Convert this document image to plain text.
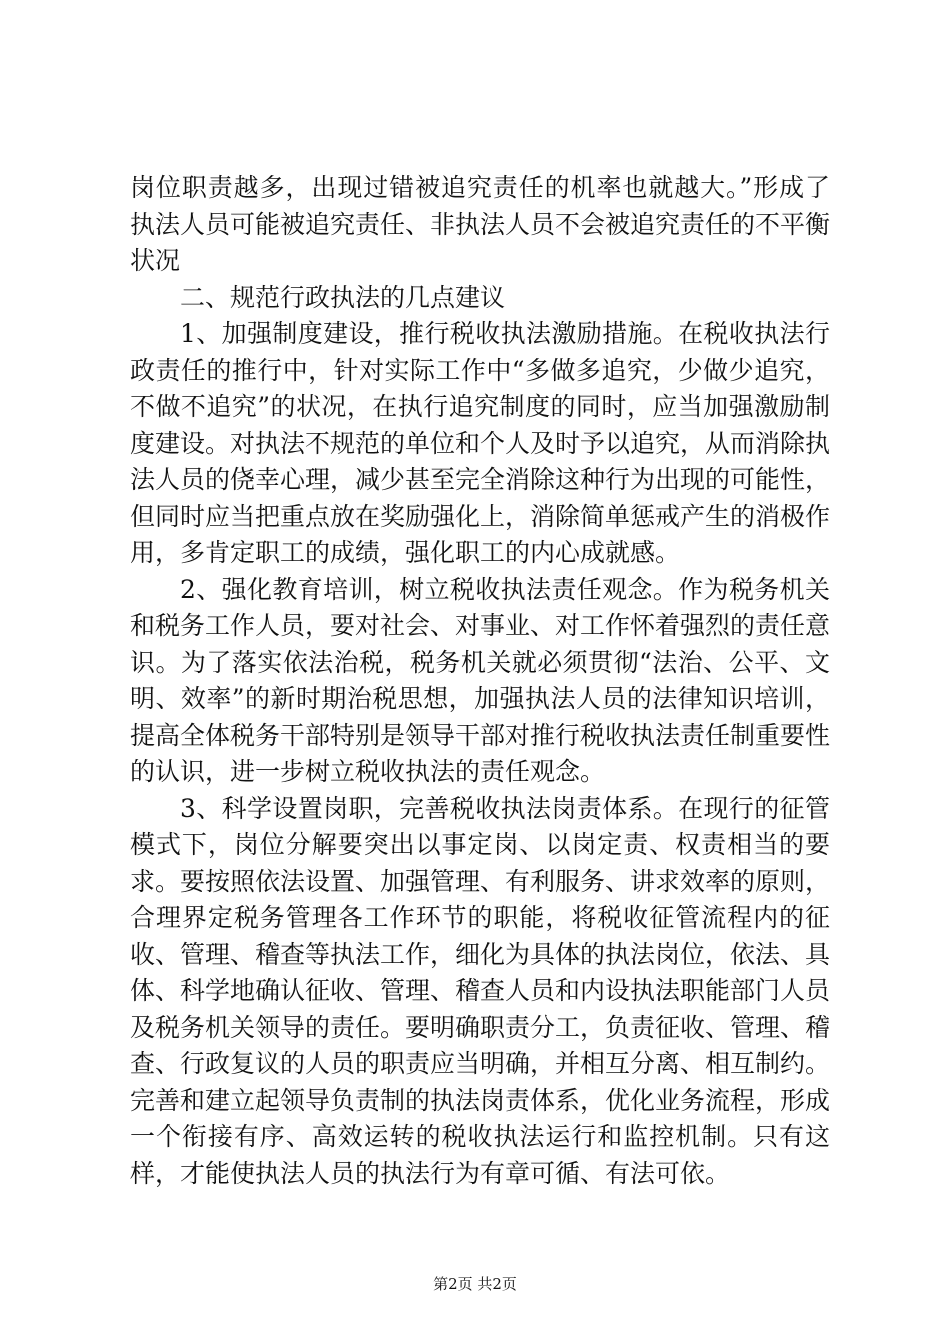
岗位职责越多，出现过错被追究责任的机率也就越大。”形成了执法人员可能被追究责任、非执法人员不会被追究责任的不平衡状况

二、规范行政执法的几点建议

1、加强制度建设，推行税收执法激励措施。在税收执法行政责任的推行中，针对实际工作中“多做多追究，少做少追究，不做不追究”的状况，在执行追究制度的同时，应当加强激励制度建设。对执法不规范的单位和个人及时予以追究，从而消除执法人员的侥幸心理，减少甚至完全消除这种行为出现的可能性，但同时应当把重点放在奖励强化上，消除简单惩戒产生的消极作用，多肯定职工的成绩，强化职工的内心成就感。

2、强化教育培训，树立税收执法责任观念。作为税务机关和税务工作人员，要对社会、对事业、对工作怀着强烈的责任意识。为了落实依法治税，税务机关就必须贯彻“法治、公平、文明、效率”的新时期治税思想，加强执法人员的法律知识培训，提高全体税务干部特别是领导干部对推行税收执法责任制重要性的认识，进一步树立税收执法的责任观念。

3、科学设置岗职，完善税收执法岗责体系。在现行的征管模式下，岗位分解要突出以事定岗、以岗定责、权责相当的要求。要按照依法设置、加强管理、有利服务、讲求效率的原则，合理界定税务管理各工作环节的职能，将税收征管流程内的征收、管理、稽查等执法工作，细化为具体的执法岗位，依法、具体、科学地确认征收、管理、稽查人员和内设执法职能部门人员及税务机关领导的责任。要明确职责分工，负责征收、管理、稽查、行政复议的人员的职责应当明确，并相互分离、相互制约。完善和建立起领导负责制的执法岗责体系，优化业务流程，形成一个衔接有序、高效运转的税收执法运行和监控机制。只有这样，才能使执法人员的执法行为有章可循、有法可依。

第2页 共2页
